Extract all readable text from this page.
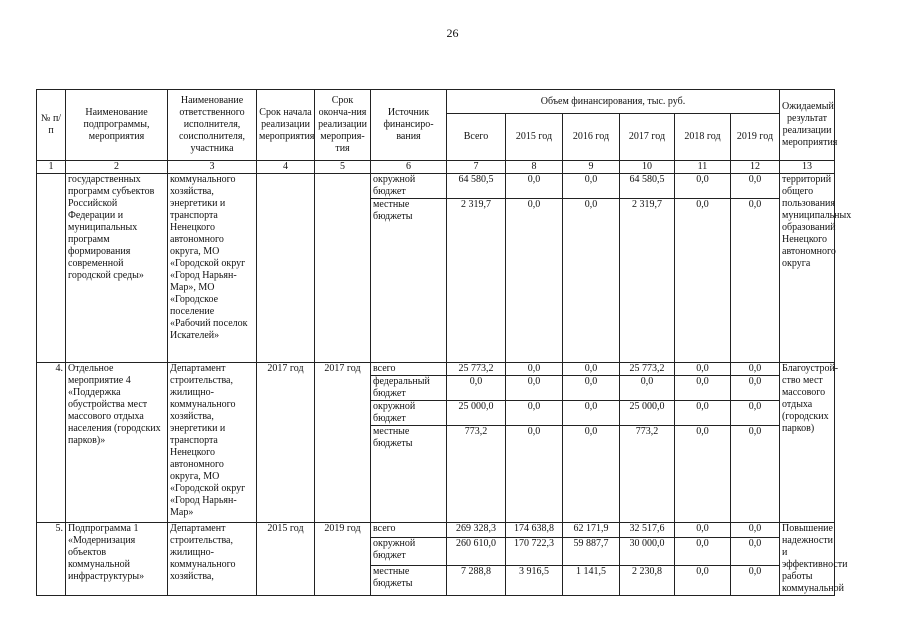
26
№ п/п	Наименование подпрограммы, мероприятия	Наименование ответственного исполнителя, соисполнителя, участника	Срок начала реализации мероприятия	Срок оконча-ния реализации мероприя-тия	Источник финансиро-вания	Объем финансирования, тыс. руб.						Ожидаемый результат реализации мероприятия
						Всего	2015 год	2016 год	2017 год	2018 год	2019 год	
1	2	3	4	5	6	7	8	9	10	11	12	13
	государственных программ субъектов Российской Федерации и муниципальных программ формирования современной городской среды»	коммунального хозяйства, энергетики и транспорта Ненецкого автономного округа, МО «Городской округ «Город Нарьян-Мар», МО «Городское поселение «Рабочий поселок Искателей»			окружной бюджет	64 580,5	0,0	0,0	64 580,5	0,0	0,0	территорий общего пользования муниципальных образований Ненецкого автономного округа
					местные бюджеты	2 319,7	0,0	0,0	2 319,7	0,0	0,0	
4.	Отдельное мероприятие 4 «Поддержка обустройства мест массового отдыха населения (городских парков)»	Департамент строительства, жилищно-коммунального хозяйства, энергетики и транспорта Ненецкого автономного округа, МО «Городской округ «Город Нарьян-Мар»	2017 год	2017 год	всего	25 773,2	0,0	0,0	25 773,2	0,0	0,0	Благоустрой-ство мест массового отдыха (городских парков)
					федеральный бюджет	0,0	0,0	0,0	0,0	0,0	0,0	
					окружной бюджет	25 000,0	0,0	0,0	25 000,0	0,0	0,0	
					местные бюджеты	773,2	0,0	0,0	773,2	0,0	0,0	
5.	Подпрограмма 1 «Модернизация объектов коммунальной инфраструктуры»	Департамент строительства, жилищно-коммунального хозяйства,	2015 год	2019 год	всего	269 328,3	174 638,8	62 171,9	32 517,6	0,0	0,0	Повышение надежности и эффективности работы коммунальной
					окружной бюджет	260 610,0	170 722,3	59 887,7	30 000,0	0,0	0,0	
					местные бюджеты	7 288,8	3 916,5	1 141,5	2 230,8	0,0	0,0	
